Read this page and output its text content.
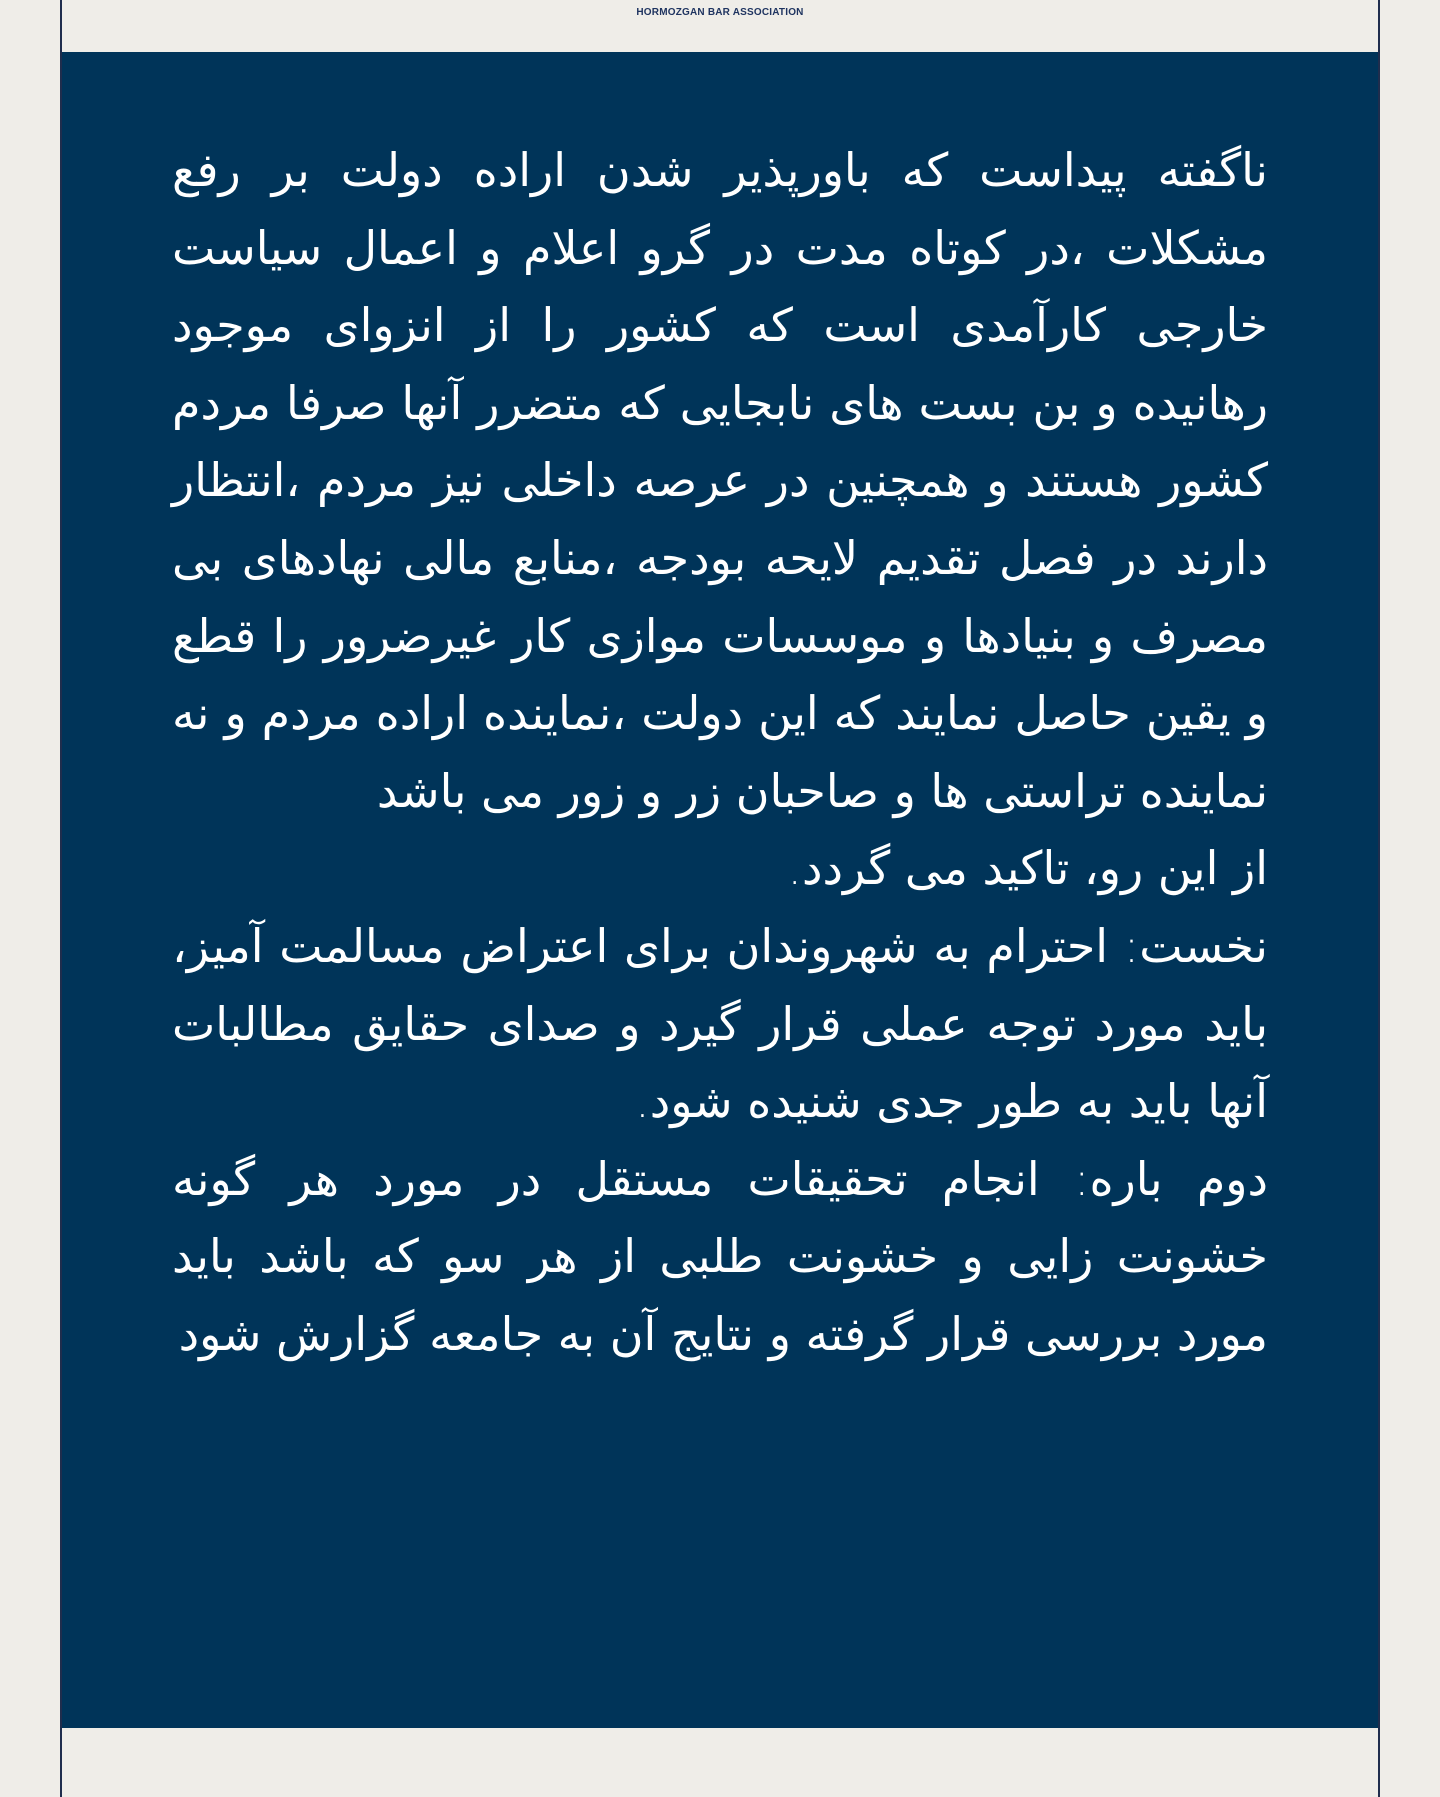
HORMOZGAN BAR ASSOCIATION

ناگفته پیداست که باورپذیر شدن اراده دولت بر رفع مشکلات ،در کوتاه مدت در گرو اعلام و اعمال سیاست خارجی کارآمدی است که کشور را از انزوای موجود رهانیده و بن بست های نابجایی که متضرر آنها صرفا مردم کشور هستند و همچنین در عرصه داخلی نیز مردم ،انتظار دارند در فصل تقدیم لایحه بودجه ،منابع مالی نهادهای بی مصرف و بنیادها و موسسات موازی کار غیرضرور را قطع و یقین حاصل نمایند که این دولت ،نماینده اراده مردم و نه نماینده تراستی ها و صاحبان زر و زور می باشد

از این رو، تاکید می گردد.

نخست: احترام به شهروندان برای اعتراض مسالمت آمیز، باید مورد توجه عملی قرار گیرد و صدای حقایق مطالبات آنها باید به طور جدی شنیده شود.

دوم باره: انجام تحقیقات مستقل در مورد هر گونه خشونت زایی و خشونت طلبی از هر سو که باشد باید مورد بررسی قرار گرفته و نتایج آن به جامعه گزارش شود
